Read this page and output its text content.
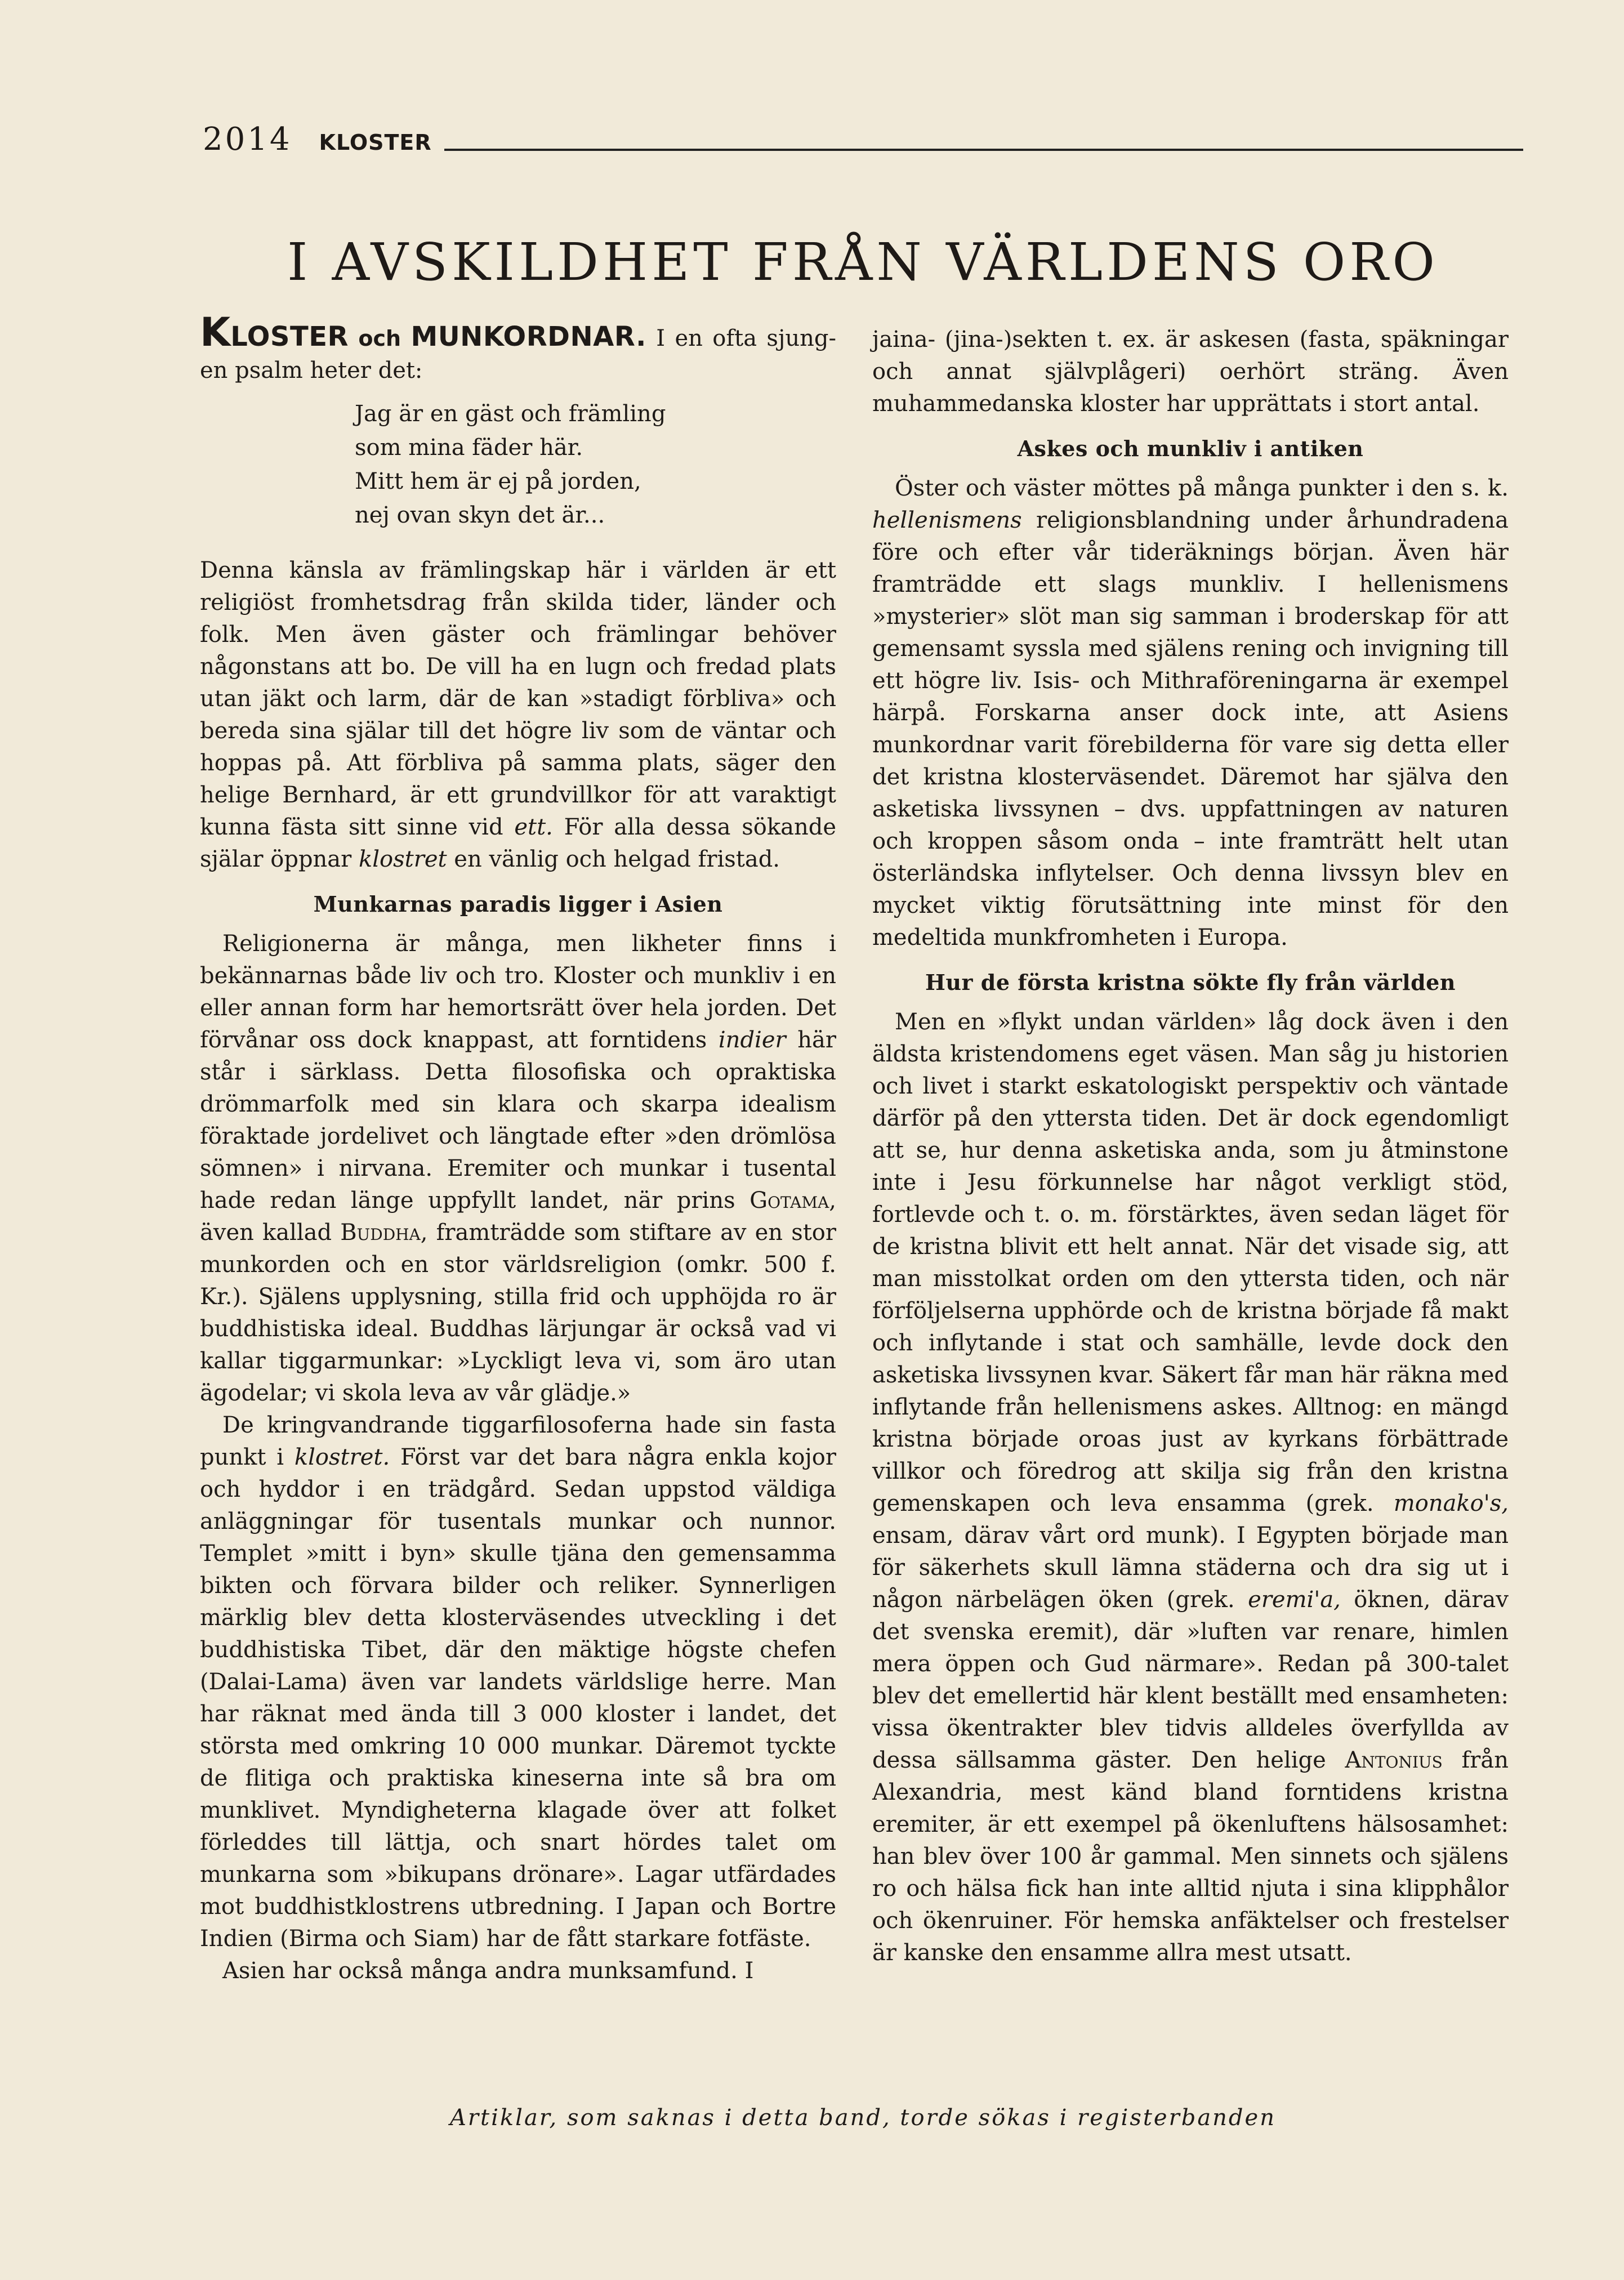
2014 KLOSTER
I AVSKILDHET FRÅN VÄRLDENS ORO

KLOSTER och MUNKORDNAR. I en ofta sjung-en psalm heter det:

Jag är en gäst och främling
som mina fäder här.
Mitt hem är ej på jorden,
nej ovan skyn det är...

Denna känsla av främlingskap här i världen är ett religiöst fromhetsdrag från skilda tider, länder och folk. Men även gäster och främlingar behöver någonstans att bo. De vill ha en lugn och fredad plats utan jäkt och larm, där de kan »stadigt förbliva» och bereda sina själar till det högre liv som de väntar och hoppas på. Att förbliva på samma plats, säger den helige Bernhard, är ett grundvillkor för att varaktigt kunna fästa sitt sinne vid ett. För alla dessa sökande själar öppnar klostret en vänlig och helgad fristad.

Munkarnas paradis ligger i Asien

Religionerna är många, men likheter finns i bekännarnas både liv och tro. Kloster och munkliv i en eller annan form har hemortsrätt över hela jorden. Det förvånar oss dock knappast, att forntidens indier här står i särklass. Detta filosofiska och opraktiska drömmarfolk med sin klara och skarpa idealism föraktade jordelivet och längtade efter »den drömlösa sömnen» i nirvana. Eremiter och munkar i tusental hade redan länge uppfyllt landet, när prins Gotama, även kallad Buddha, framträdde som stiftare av en stor munkorden och en stor världsreligion (omkr. 500 f. Kr.). Själens upplysning, stilla frid och upphöjda ro är buddhistiska ideal. Buddhas lärjungar är också vad vi kallar tiggarmunkar: »Lyckligt leva vi, som äro utan ägodelar; vi skola leva av vår glädje.»

De kringvandrande tiggarfilosoferna hade sin fasta punkt i klostret. Först var det bara några enkla kojor och hyddor i en trädgård. Sedan uppstod väldiga anläggningar för tusentals munkar och nunnor. Templet »mitt i byn» skulle tjäna den gemensamma bikten och förvara bilder och reliker. Synnerligen märklig blev detta klosterväsendes utveckling i det buddhistiska Tibet, där den mäktige högste chefen (Dalai-Lama) även var landets världslige herre. Man har räknat med ända till 3 000 kloster i landet, det största med omkring 10 000 munkar. Däremot tyckte de flitiga och praktiska kineserna inte så bra om munklivet. Myndigheterna klagade över att folket förleddes till lättja, och snart hördes talet om munkarna som »bikupans drönare». Lagar utfärdades mot buddhistklostrens utbredning. I Japan och Bortre Indien (Birma och Siam) har de fått starkare fotfäste.

Asien har också många andra munksamfund. I

jaina- (jina-)sekten t. ex. är askesen (fasta, späkningar och annat självplågeri) oerhört sträng. Även muhammedanska kloster har upprättats i stort antal.

Askes och munkliv i antiken

Öster och väster möttes på många punkter i den s. k. hellenismens religionsblandning under århundradena före och efter vår tideräknings början. Även här framträdde ett slags munkliv. I hellenismens »mysterier» slöt man sig samman i broderskap för att gemensamt syssla med själens rening och invigning till ett högre liv. Isis- och Mithraföreningarna är exempel härpå. Forskarna anser dock inte, att Asiens munkordnar varit förebilderna för vare sig detta eller det kristna klosterväsendet. Däremot har själva den asketiska livssynen – dvs. uppfattningen av naturen och kroppen såsom onda – inte framträtt helt utan österländska inflytelser. Och denna livssyn blev en mycket viktig förutsättning inte minst för den medeltida munkfromheten i Europa.

Hur de första kristna sökte fly från världen

Men en »flykt undan världen» låg dock även i den äldsta kristendomens eget väsen. Man såg ju historien och livet i starkt eskatologiskt perspektiv och väntade därför på den yttersta tiden. Det är dock egendomligt att se, hur denna asketiska anda, som ju åtminstone inte i Jesu förkunnelse har något verkligt stöd, fortlevde och t. o. m. förstärktes, även sedan läget för de kristna blivit ett helt annat. När det visade sig, att man misstolkat orden om den yttersta tiden, och när förföljelserna upphörde och de kristna började få makt och inflytande i stat och samhälle, levde dock den asketiska livssynen kvar. Säkert får man här räkna med inflytande från hellenismens askes. Alltnog: en mängd kristna började oroas just av kyrkans förbättrade villkor och föredrog att skilja sig från den kristna gemenskapen och leva ensamma (grek. monako's, ensam, därav vårt ord munk). I Egypten började man för säkerhets skull lämna städerna och dra sig ut i någon närbelägen öken (grek. eremi'a, öknen, därav det svenska eremit), där »luften var renare, himlen mera öppen och Gud närmare». Redan på 300-talet blev det emellertid här klent beställt med ensamheten: vissa ökentrakter blev tidvis alldeles överfyllda av dessa sällsamma gäster. Den helige Antonius från Alexandria, mest känd bland forntidens kristna eremiter, är ett exempel på ökenluftens hälsosamhet: han blev över 100 år gammal. Men sinnets och själens ro och hälsa fick han inte alltid njuta i sina klipphålor och ökenruiner. För hemska anfäktelser och frestelser är kanske den ensamme allra mest utsatt.

Artiklar, som saknas i detta band, torde sökas i registerbanden
